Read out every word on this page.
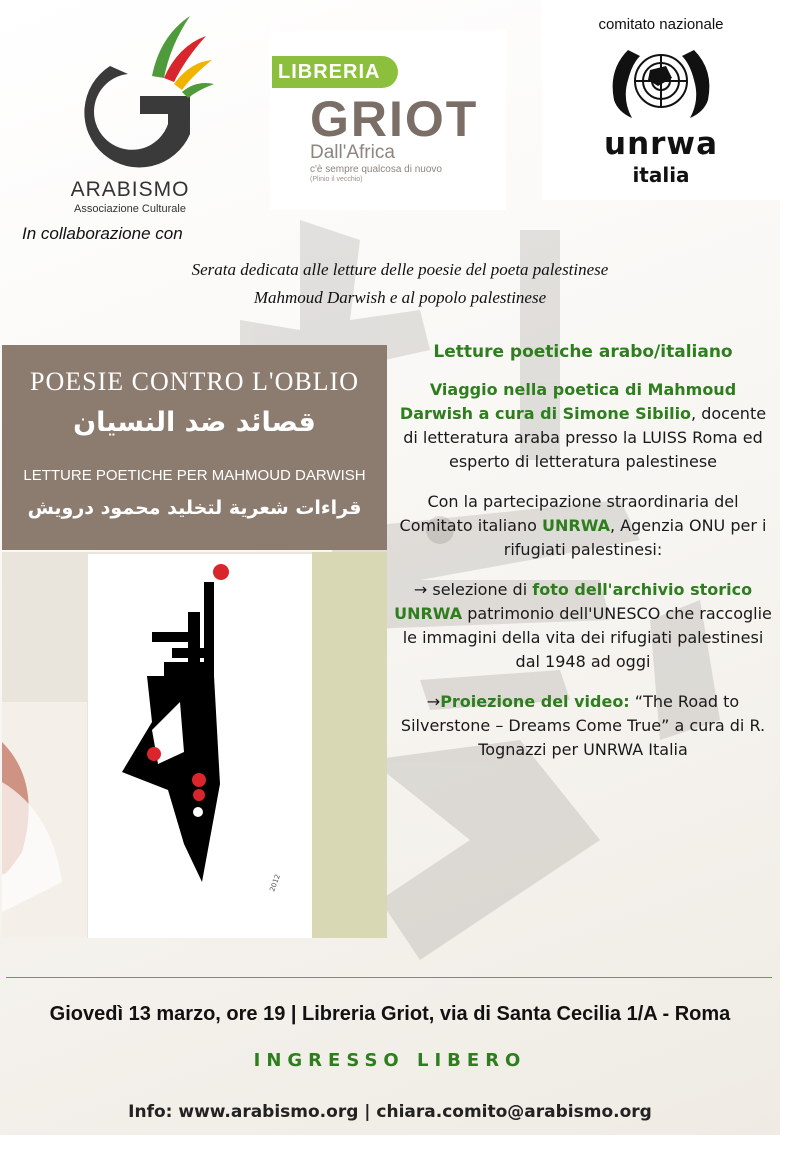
ARABISMO
Associazione Culturale
LIBRERIA
GRIOT
Dall'Africa
c'è sempre qualcosa di nuovo
(Plinio il vecchio)
comitato nazionale
unrwa
italia
In collaborazione con
Serata dedicata alle letture delle poesie del poeta palestinese
Mahmoud Darwish e al popolo palestinese
POESIE CONTRO L'OBLIO
قصائد ضد النسيان
LETTURE POETICHE PER MAHMOUD DARWISH
قراءات شعرية لتخليد محمود درويش
2012
Letture poetiche arabo/italiano

Viaggio nella poetica di Mahmoud Darwish a cura di Simone Sibilio, docente di letteratura araba presso la LUISS Roma ed esperto di letteratura palestinese

Con la partecipazione straordinaria del Comitato italiano UNRWA, Agenzia ONU per i rifugiati palestinesi:

→ selezione di foto dell'archivio storico UNRWA patrimonio dell'UNESCO che raccoglie le immagini della vita dei rifugiati palestinesi dal 1948 ad oggi

→Proiezione del video: “The Road to Silverstone – Dreams Come True” a cura di R. Tognazzi per UNRWA Italia

Giovedì 13 marzo, ore 19 | Libreria Griot, via di Santa Cecilia 1/A - Roma
INGRESSO LIBERO
Info: www.arabismo.org | chiara.comito@arabismo.org
